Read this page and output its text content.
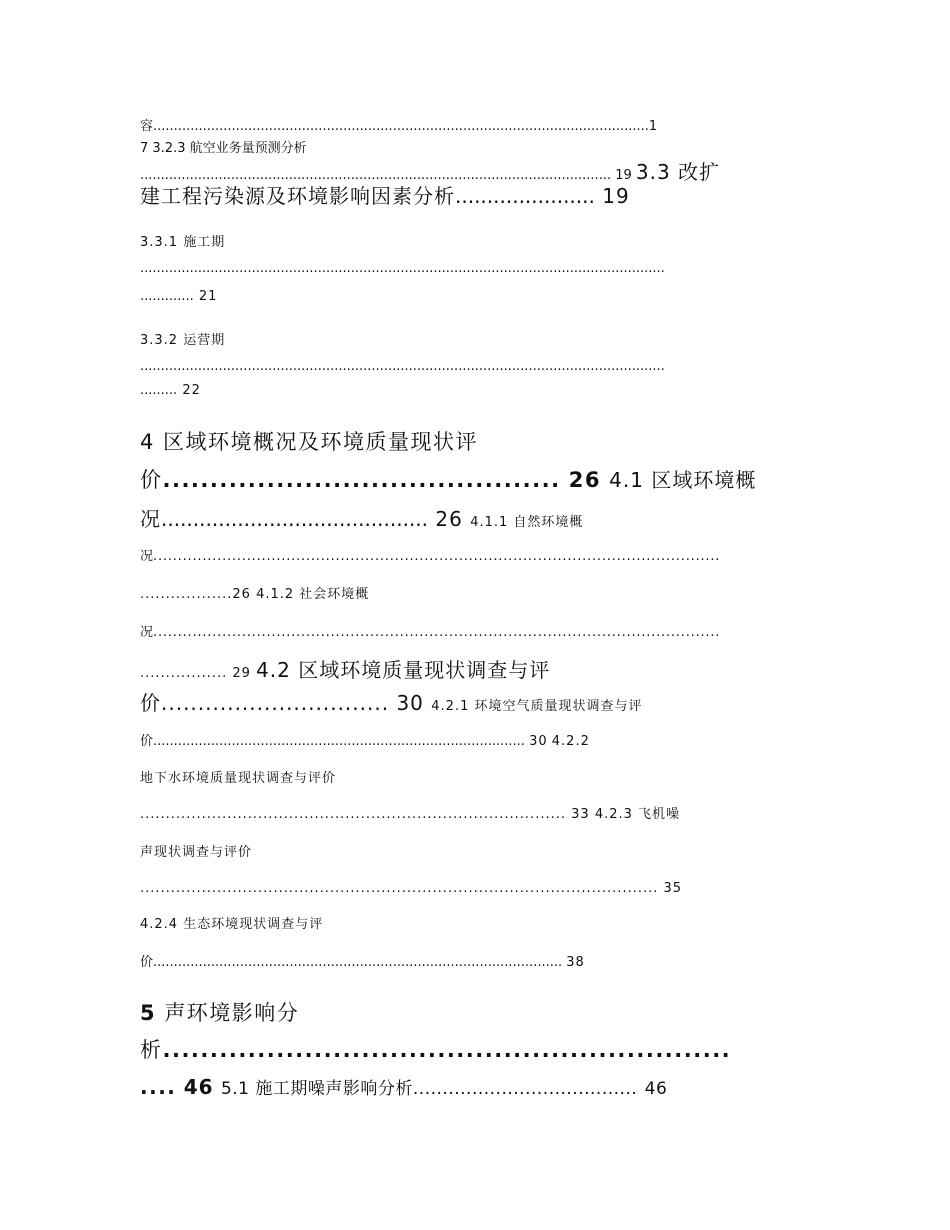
容........................................................................................................................1
7 3.2.3 航空业务量预测分析
.................................................................................................................. 19 3.3 改扩
建工程污染源及环境影响因素分析...................... 19
3.3.1 施工期
...............................................................................................................................
............. 21
3.3.2 运营期
...............................................................................................................................
......... 22
4 区域环境概况及环境质量现状评
价.......................................... 26 4.1 区域环境概
况.......................................... 26 4.1.1 自然环境概
况...................................................................................................................
..................26 4.1.2 社会环境概
况...................................................................................................................
................. 29 4.2 区域环境质量现状调查与评
价............................... 30 4.2.1 环境空气质量现状调查与评
价.......................................................................................... 30 4.2.2
地下水环境质量现状调查与评价
................................................................................... 33 4.2.3 飞机噪
声现状调查与评价
..................................................................................................... 35
4.2.4 生态环境现状调查与评
价................................................................................................... 38
5 声环境影响分
析............................................................
.... 46 5.1 施工期噪声影响分析...................................... 46
